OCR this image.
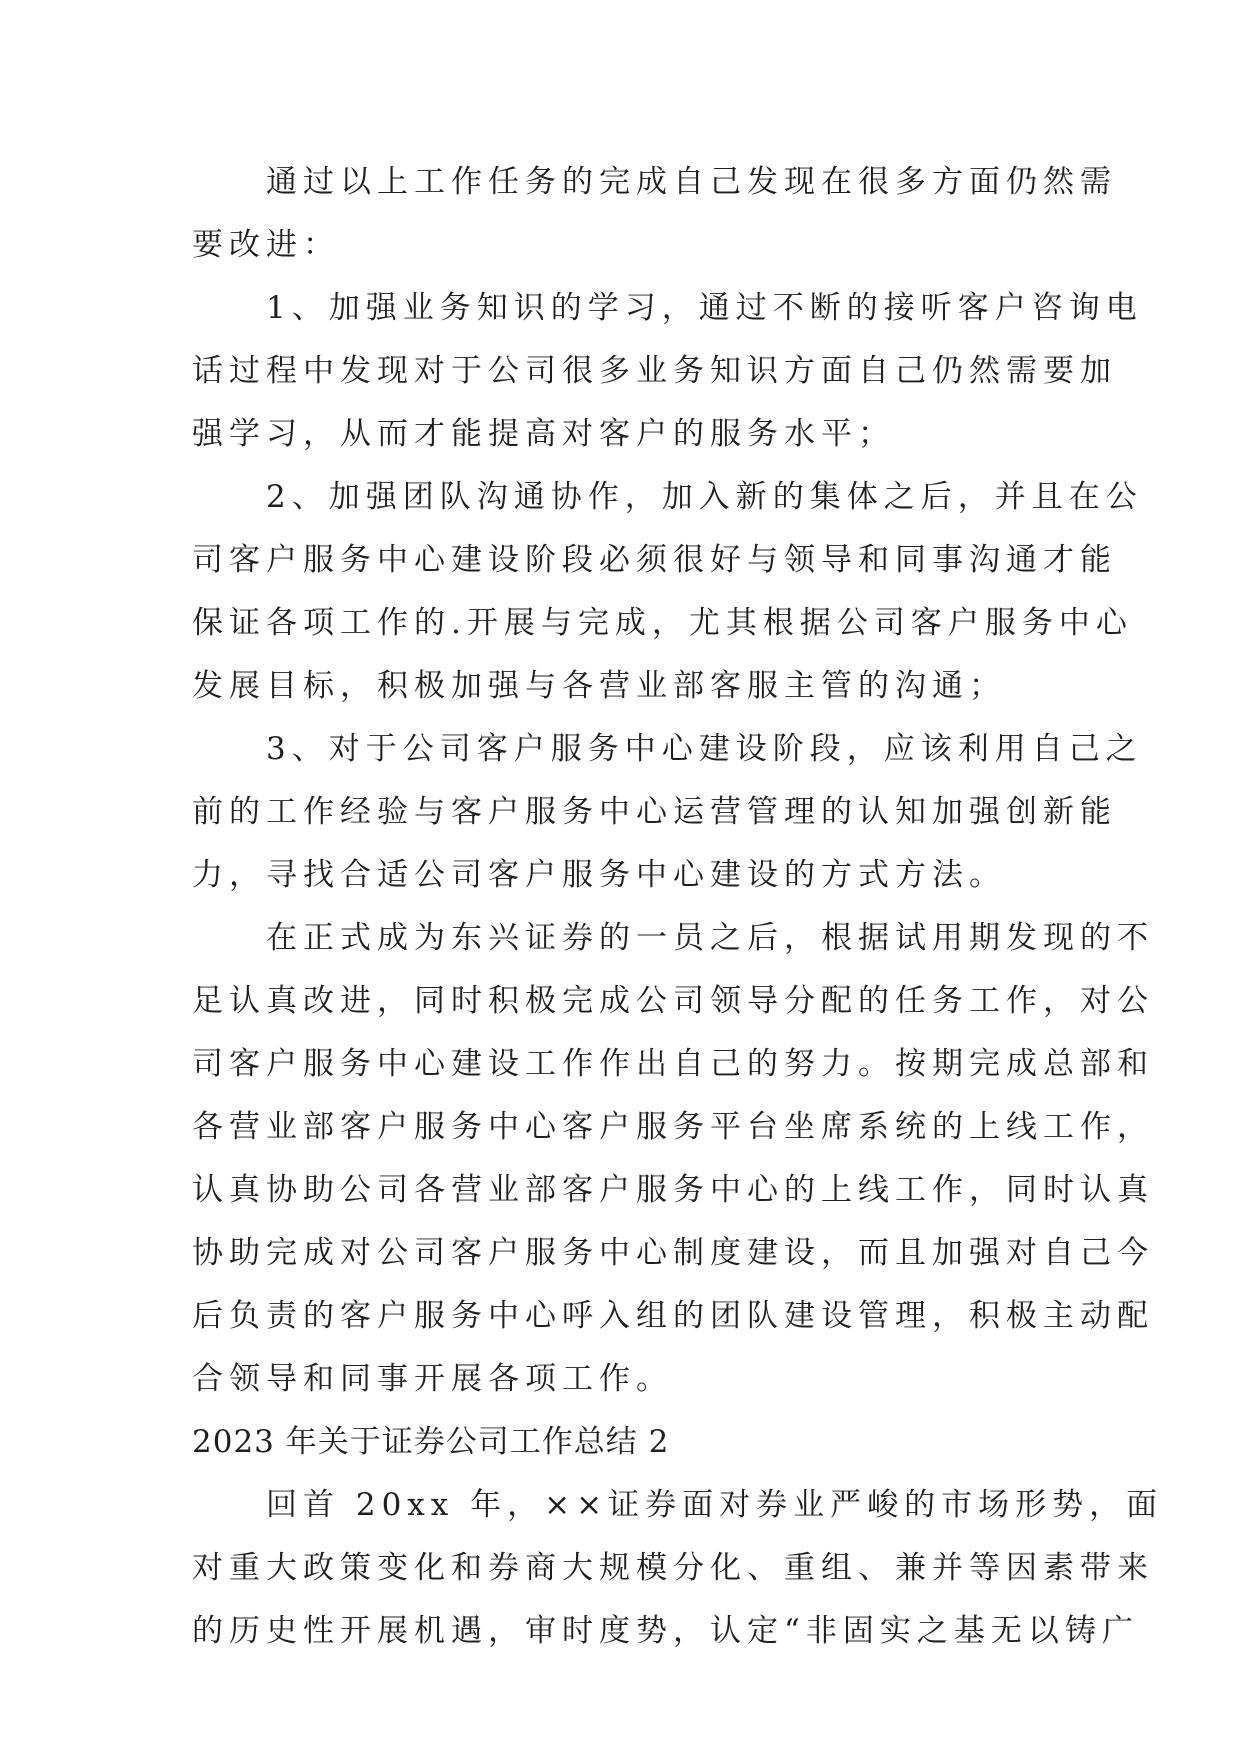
　　通过以上工作任务的完成自己发现在很多方面仍然需
要改进：
　　1、加强业务知识的学习，通过不断的接听客户咨询电
话过程中发现对于公司很多业务知识方面自己仍然需要加
强学习，从而才能提高对客户的服务水平；
　　2、加强团队沟通协作，加入新的集体之后，并且在公
司客户服务中心建设阶段必须很好与领导和同事沟通才能
保证各项工作的.开展与完成，尤其根据公司客户服务中心
发展目标，积极加强与各营业部客服主管的沟通；
　　3、对于公司客户服务中心建设阶段，应该利用自己之
前的工作经验与客户服务中心运营管理的认知加强创新能
力，寻找合适公司客户服务中心建设的方式方法。
　　在正式成为东兴证券的一员之后，根据试用期发现的不
足认真改进，同时积极完成公司领导分配的任务工作，对公
司客户服务中心建设工作作出自己的努力。按期完成总部和
各营业部客户服务中心客户服务平台坐席系统的上线工作，
认真协助公司各营业部客户服务中心的上线工作，同时认真
协助完成对公司客户服务中心制度建设，而且加强对自己今
后负责的客户服务中心呼入组的团队建设管理，积极主动配
合领导和同事开展各项工作。
2023 年关于证券公司工作总结 2
　　回首 20xx 年，××证券面对券业严峻的市场形势，面
对重大政策变化和券商大规模分化、重组、兼并等因素带来
的历史性开展机遇，审时度势，认定“非固实之基无以铸广
